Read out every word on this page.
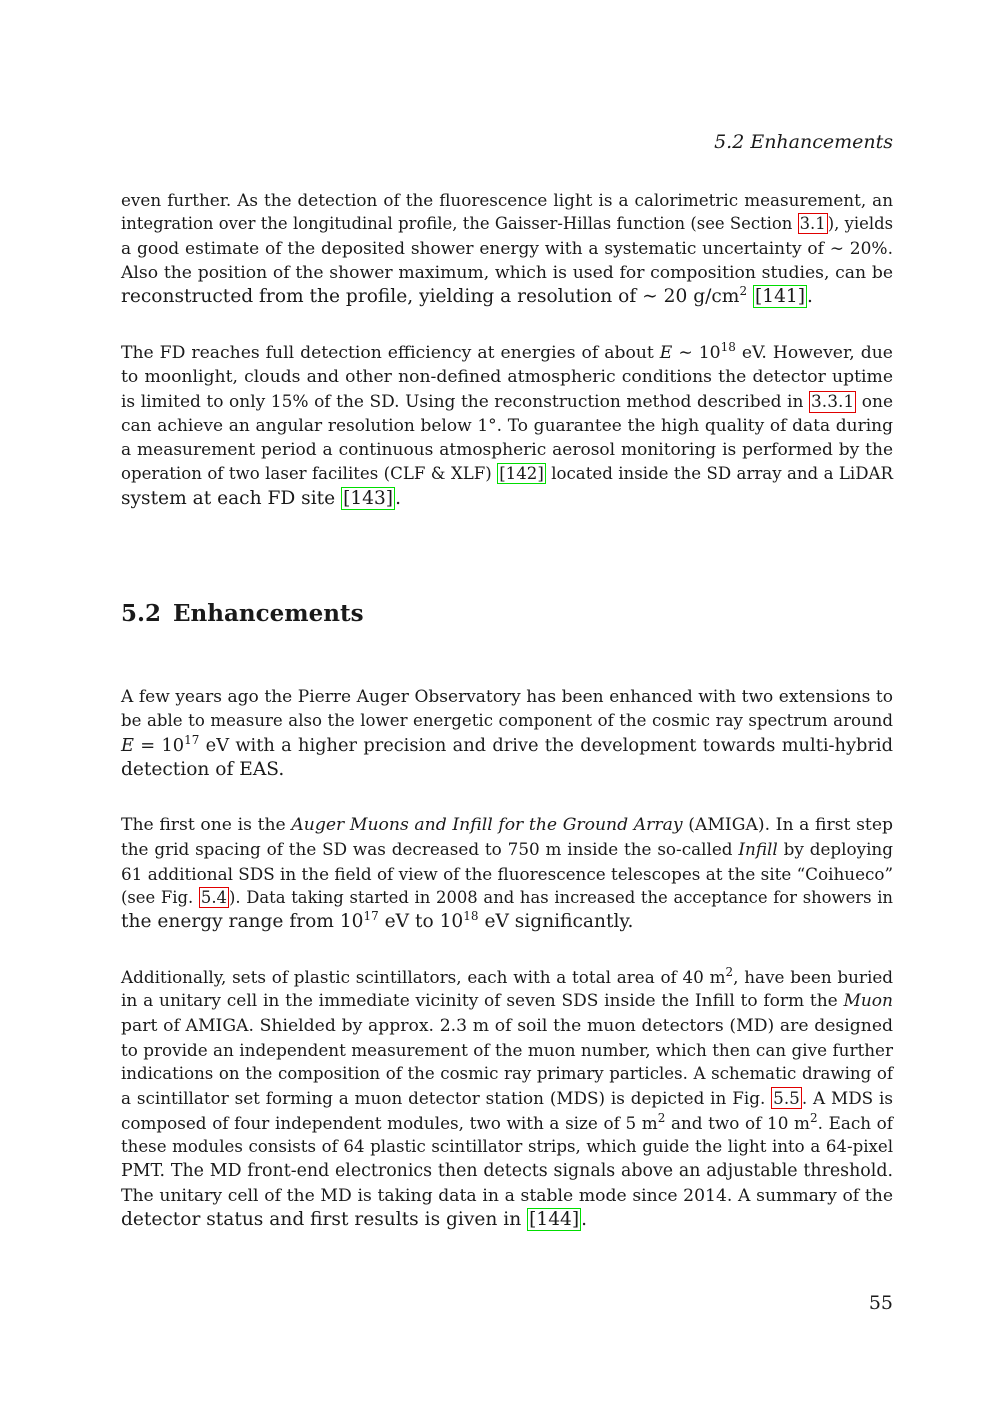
5.2 Enhancements
even further. As the detection of the fluorescence light is a calorimetric measurement, an
integration over the longitudinal profile, the Gaisser-Hillas function (see Section 3.1 ), yields
a good estimate of the deposited shower energy with a systematic uncertainty of ∼ 20%.
Also the position of the shower maximum, which is used for composition studies, can be
reconstructed from the profile, yielding a resolution of ∼ 20 $g/cm^2$ [141] .
The FD reaches full detection efficiency at energies of about E ∼ $10^{18}$ eV. However, due
to moonlight, clouds and other non-defined atmospheric conditions the detector uptime
is limited to only 15% of the SD. Using the reconstruction method described in 3.3.1 one
can achieve an angular resolution below 1°. To guarantee the high quality of data during
a measurement period a continuous atmospheric aerosol monitoring is performed by the
operation of two laser facilites (CLF & XLF) [142] located inside the SD array and a LiDAR
system at each FD site [143] .
5.2 Enhancements
A few years ago the Pierre Auger Observatory has been enhanced with two extensions to
be able to measure also the lower energetic component of the cosmic ray spectrum around
$E = 10^{17}$ eV with a higher precision and drive the development towards multi-hybrid
detection of EAS.
The first one is the Auger Muons and Infill for the Ground Array (AMIGA). In a first step
the grid spacing of the SD was decreased to 750 m inside the so-called Infill by deploying
61 additional SDS in the field of view of the fluorescence telescopes at the site “Coihueco”
(see Fig. 5.4 ). Data taking started in 2008 and has increased the acceptance for showers in
the energy range from $10^{17}$ eV to $10^{18}$ eV significantly.
Additionally, sets of plastic scintillators, each with a total area of 40 $m^2$, have been buried
in a unitary cell in the immediate vicinity of seven SDS inside the Infill to form the Muon
part of AMIGA. Shielded by approx. 2.3 m of soil the muon detectors (MD) are designed
to provide an independent measurement of the muon number, which then can give further
indications on the composition of the cosmic ray primary particles. A schematic drawing of
a scintillator set forming a muon detector station (MDS) is depicted in Fig. 5.5 . A MDS is
composed of four independent modules, two with a size of 5 $m^2$ and two of 10 $m^2$. Each of
these modules consists of 64 plastic scintillator strips, which guide the light into a 64-pixel
PMT. The MD front-end electronics then detects signals above an adjustable threshold.
The unitary cell of the MD is taking data in a stable mode since 2014. A summary of the
detector status and first results is given in [144] .
55
